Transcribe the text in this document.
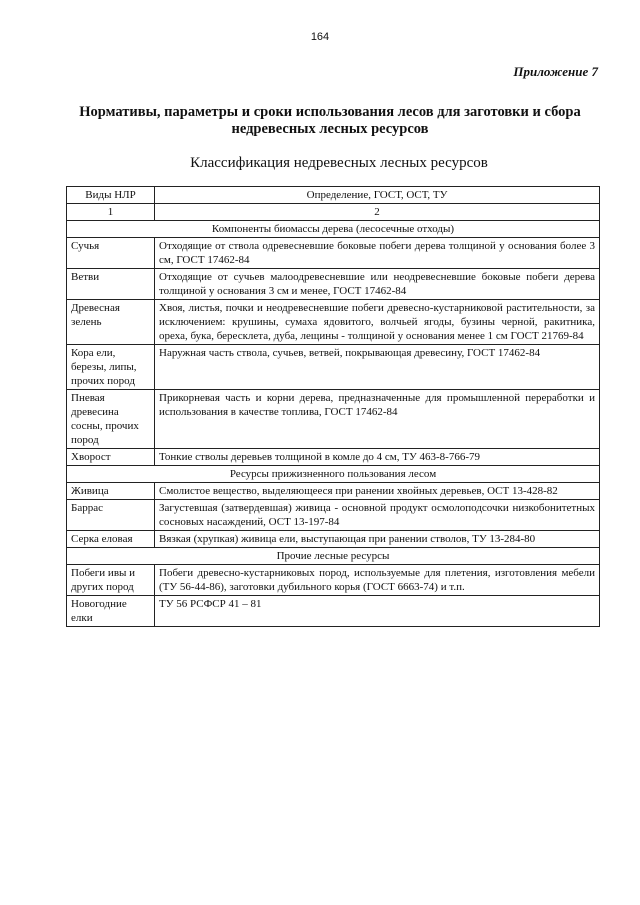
164
Приложение 7
Нормативы, параметры и сроки использования лесов для заготовки и сбора недревесных лесных ресурсов
Классификация недревесных лесных ресурсов
Виды НЛР	Определение, ГОСТ, ОСТ, ТУ
1	2
Компоненты биомассы дерева (лесосечные отходы)	
Сучья	Отходящие от ствола одревесневшие боковые побеги дерева толщиной у основания более 3 см, ГОСТ 17462-84
Ветви	Отходящие от сучьев малоодревесневшие или неодревесневшие боковые побеги дерева толщиной у основания 3 см и менее, ГОСТ 17462-84
Древесная зелень	Хвоя, листья, почки и неодревесневшие побеги древесно-кустарниковой растительности, за исключением: крушины, сумаха ядовитого, волчьей ягоды, бузины черной, ракитника, ореха, бука, бересклета, дуба, лещины - толщиной у основания менее 1 см ГОСТ 21769-84
Кора ели, березы, липы, прочих пород	Наружная часть ствола, сучьев, ветвей, покрывающая древесину, ГОСТ 17462-84
Пневая древесина сосны, прочих пород	Прикорневая часть и корни дерева, предназначенные для промышленной переработки и использования в качестве топлива, ГОСТ 17462-84
Хворост	Тонкие стволы деревьев толщиной в комле до 4 см, ТУ 463-8-766-79
Ресурсы прижизненного пользования лесом	
Живица	Смолистое вещество, выделяющееся при ранении хвойных деревьев, ОСТ 13-428-82
Баррас	Загустевшая (затвердевшая) живица - основной продукт осмолоподсочки низкобонитетных сосновых насаждений, ОСТ 13-197-84
Серка еловая	Вязкая (хрупкая) живица ели, выступающая при ранении стволов, ТУ 13-284-80
Прочие лесные ресурсы	
Побеги ивы и других пород	Побеги древесно-кустарниковых пород, используемые для плетения, изготовления мебели (ТУ 56-44-86), заготовки дубильного корья (ГОСТ 6663-74) и т.п.
Новогодние елки	ТУ 56 РСФСР 41 – 81
